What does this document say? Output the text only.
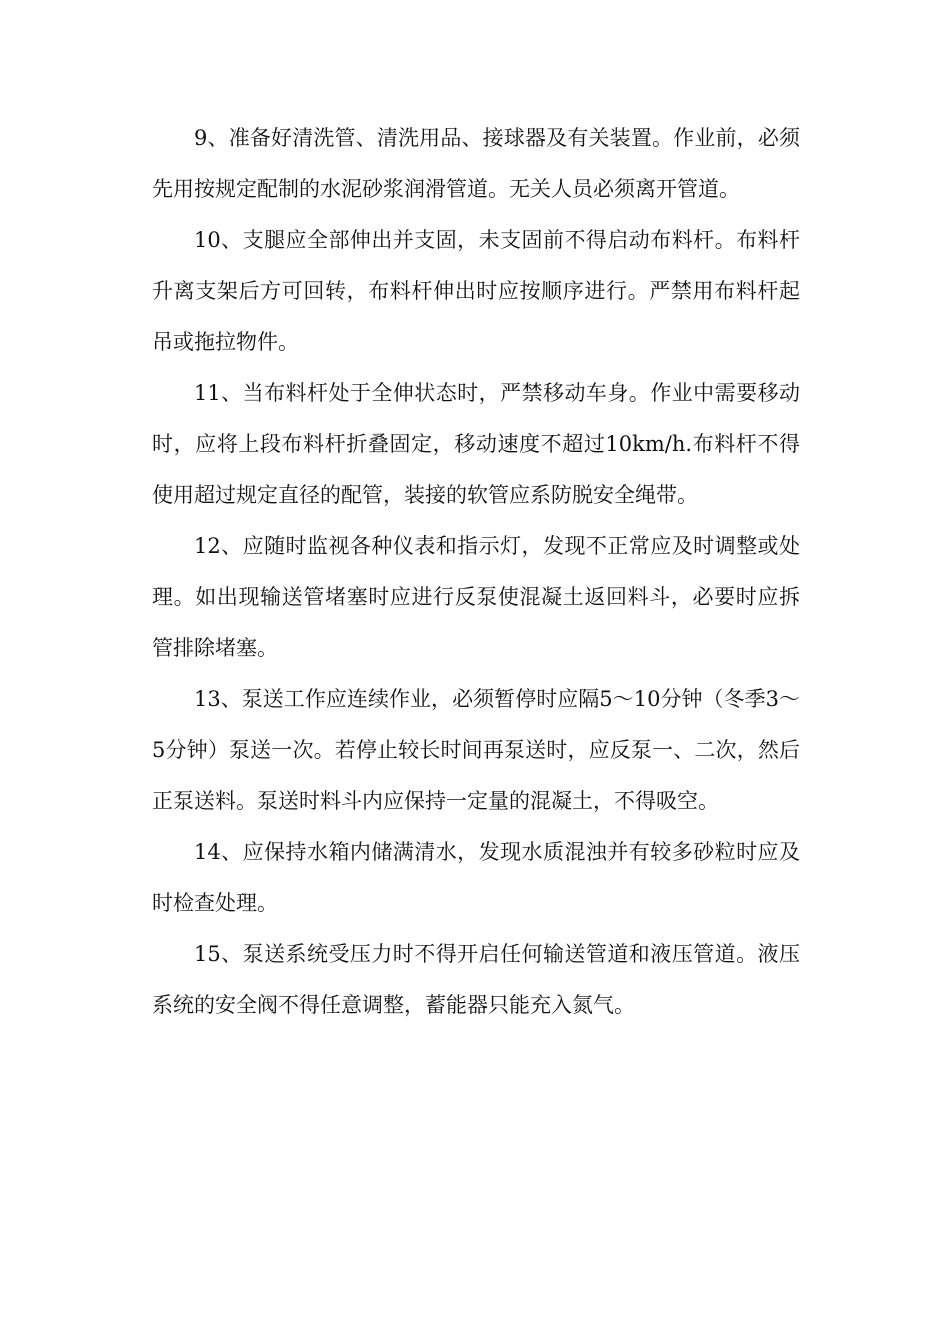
9、准备好清洗管、清洗用品、接球器及有关装置。作业前，必须先用按规定配制的水泥砂浆润滑管道。无关人员必须离开管道。

10、支腿应全部伸出并支固，未支固前不得启动布料杆。布料杆升离支架后方可回转，布料杆伸出时应按顺序进行。严禁用布料杆起吊或拖拉物件。

11、当布料杆处于全伸状态时，严禁移动车身。作业中需要移动时，应将上段布料杆折叠固定，移动速度不超过10km/h.布料杆不得使用超过规定直径的配管，装接的软管应系防脱安全绳带。

12、应随时监视各种仪表和指示灯，发现不正常应及时调整或处理。如出现输送管堵塞时应进行反泵使混凝土返回料斗，必要时应拆管排除堵塞。

13、泵送工作应连续作业，必须暂停时应隔5～10分钟（冬季3～5分钟）泵送一次。若停止较长时间再泵送时，应反泵一、二次，然后正泵送料。泵送时料斗内应保持一定量的混凝土，不得吸空。

14、应保持水箱内储满清水，发现水质混浊并有较多砂粒时应及时检查处理。

15、泵送系统受压力时不得开启任何输送管道和液压管道。液压系统的安全阀不得任意调整，蓄能器只能充入氮气。
